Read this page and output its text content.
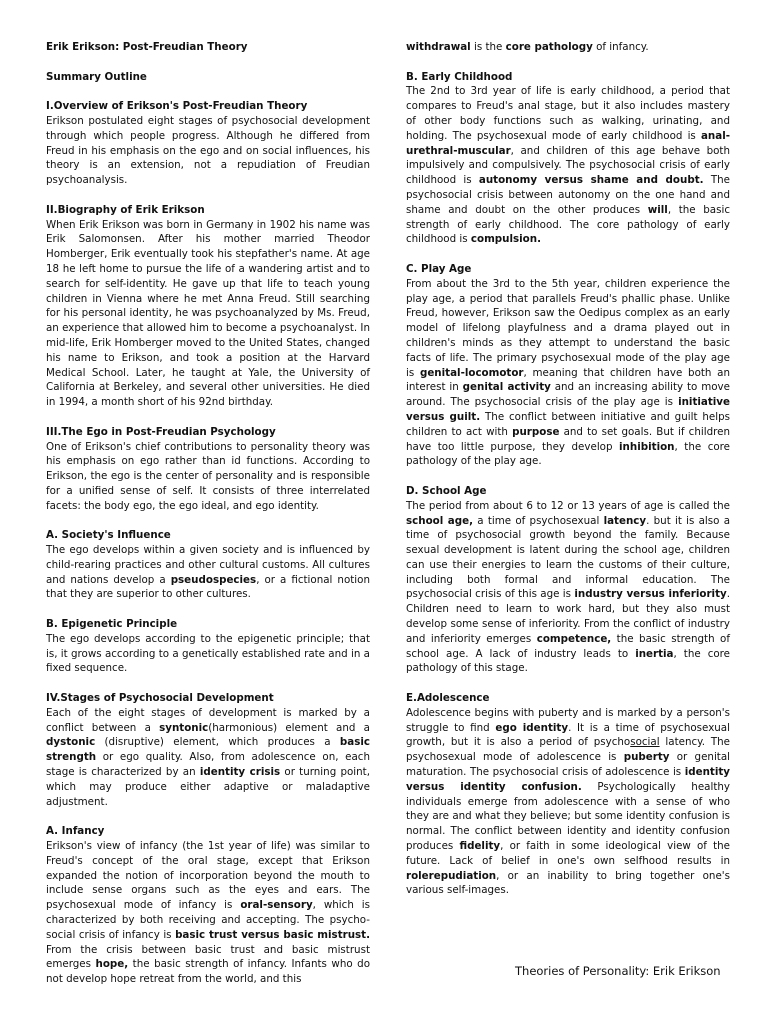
Erik Erikson: Post-Freudian Theory

Summary Outline

I.Overview of Erikson's Post-Freudian Theory

Erikson postulated eight stages of psychosocial development through which people progress. Although he differed from Freud in his emphasis on the ego and on social influences, his theory is an extension, not a repudiation of Freudian psychoanalysis.

II.Biography of Erik Erikson

When Erik Erikson was born in Germany in 1902 his name was Erik Salomonsen. After his mother married Theodor Homberger, Erik eventually took his stepfather's name. At age 18 he left home to pursue the life of a wandering artist and to search for self-identity. He gave up that life to teach young children in Vienna where he met Anna Freud. Still searching for his personal identity, he was psychoanalyzed by Ms. Freud, an experience that allowed him to become a psychoanalyst. In mid-life, Erik Homberger moved to the United States, changed his name to Erikson, and took a position at the Harvard Medical School. Later, he taught at Yale, the University of California at Berkeley, and several other universities. He died in 1994, a month short of his 92nd birthday.

III.The Ego in Post-Freudian Psychology

One of Erikson's chief contributions to personality theory was his emphasis on ego rather than id functions. According to Erikson, the ego is the center of personality and is responsible for a unified sense of self. It consists of three interrelated facets: the body ego, the ego ideal, and ego identity.

A. Society's Influence

The ego develops within a given society and is influenced by child-rearing practices and other cultural customs. All cultures and nations develop a pseudospecies, or a fictional notion that they are superior to other cultures.

B. Epigenetic Principle

The ego develops according to the epigenetic principle; that is, it grows according to a genetically established rate and in a fixed sequence.

IV.Stages of Psychosocial Development

Each of the eight stages of development is marked by a conflict between a syntonic(harmonious) element and a dystonic (disruptive) element, which produces a basic strength or ego quality. Also, from adolescence on, each stage is characterized by an identity crisis or turning point, which may produce either adaptive or maladaptive adjustment.

A. Infancy

Erikson's view of infancy (the 1st year of life) was similar to Freud's concept of the oral stage, except that Erikson expanded the notion of incorporation beyond the mouth to include sense organs such as the eyes and ears. The psychosexual mode of infancy is oral-sensory, which is characterized by both receiving and accepting. The psycho-social crisis of infancy is basic trust versus basic mistrust. From the crisis between basic trust and basic mistrust emerges hope, the basic strength of infancy. Infants who do not develop hope retreat from the world, and this

withdrawal is the core pathology of infancy.

B. Early Childhood

The 2nd to 3rd year of life is early childhood, a period that compares to Freud's anal stage, but it also includes mastery of other body functions such as walking, urinating, and holding. The psychosexual mode of early childhood is anal-urethral-muscular, and children of this age behave both impulsively and compulsively. The psychosocial crisis of early childhood is autonomy versus shame and doubt. The psychosocial crisis between autonomy on the one hand and shame and doubt on the other produces will, the basic strength of early childhood. The core pathology of early childhood is compulsion.

C. Play Age

From about the 3rd to the 5th year, children experience the play age, a period that parallels Freud's phallic phase. Unlike Freud, however, Erikson saw the Oedipus complex as an early model of lifelong playfulness and a drama played out in children's minds as they attempt to understand the basic facts of life. The primary psychosexual mode of the play age is genital-locomotor, meaning that children have both an interest in genital activity and an increasing ability to move around. The psychosocial crisis of the play age is initiative versus guilt. The conflict between initiative and guilt helps children to act with purpose and to set goals. But if children have too little purpose, they develop inhibition, the core pathology of the play age.

D. School Age

The period from about 6 to 12 or 13 years of age is called the school age, a time of psychosexual latency. but it is also a time of psychosocial growth beyond the family. Because sexual development is latent during the school age, children can use their energies to learn the customs of their culture, including both formal and informal education. The psychosocial crisis of this age is industry versus inferiority. Children need to learn to work hard, but they also must develop some sense of inferiority. From the conflict of industry and inferiority emerges competence, the basic strength of school age. A lack of industry leads to inertia, the core pathology of this stage.

E.Adolescence

Adolescence begins with puberty and is marked by a person's struggle to find ego identity. It is a time of psychosexual growth, but it is also a period of psychosocial latency. The psychosexual mode of adolescence is puberty or genital maturation. The psychosocial crisis of adolescence is identity versus identity confusion. Psychologically healthy individuals emerge from adolescence with a sense of who they are and what they believe; but some identity confusion is normal. The conflict between identity and identity confusion produces fidelity, or faith in some ideological view of the future. Lack of belief in one's own selfhood results in rolerepudiation, or an inability to bring together one's various self-images.

Theories of Personality: Erik Erikson
